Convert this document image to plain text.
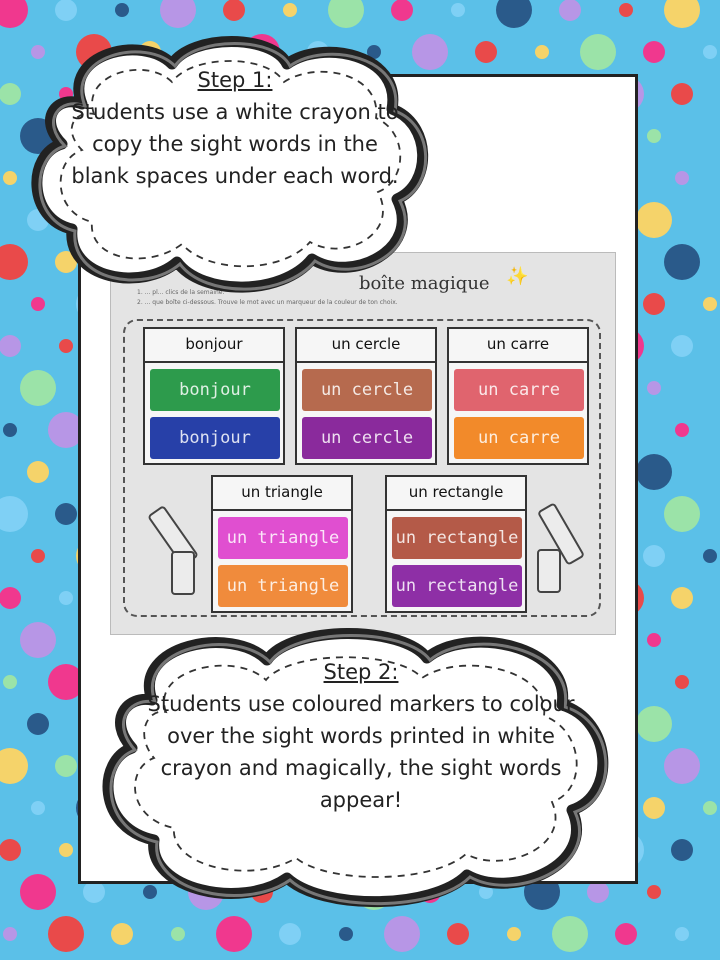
boîte magique ✨
1. ... pl... clics de la semaine.
2. ... que boîte ci-dessous. Trouve le mot avec un marqueur de la couleur de ton choix.
bonjour
bonjour
bonjour
un cercle
un cercle
un cercle
un carre
un carre
un carre
un triangle
un triangle
un triangle
un rectangle
un rectangle
un rectangle
Step 1:
Students use a white crayon to copy the sight words in the blank spaces under each word.
Step 2:
Students use coloured markers to colour over the sight words printed in white crayon and magically, the sight words appear!
